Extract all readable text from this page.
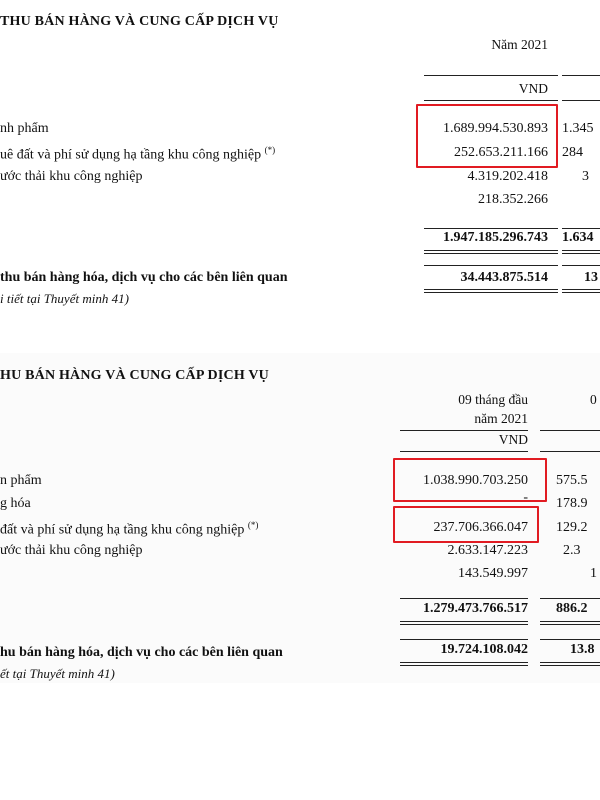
THU BÁN HÀNG VÀ CUNG CẤP DỊCH VỤ
Năm 2021
VND
nh phẩm	1.689.994.530.893 1.345
uê đất và phí sử dụng hạ tầng khu công nghiệp (*)	252.653.211.166 284
ước thải khu công nghiệp	4.319.202.418	3
218.352.266
1.947.185.296.743 1.634
thu bán hàng hóa, dịch vụ cho các bên liên quan	34.443.875.514	13
i tiết tại Thuyết minh 41)
HU BÁN HÀNG VÀ CUNG CẤP DỊCH VỤ
09 tháng đầu
năm 2021
0
VND
n phẩm	1.038.990.703.250 575.5
g hóa	- 178.9
đất và phí sử dụng hạ tầng khu công nghiệp (*)	237.706.366.047 129.2
ước thải khu công nghiệp	2.633.147.223	2.3
143.549.997	1
1.279.473.766.517 886.2
hu bán hàng hóa, dịch vụ cho các bên liên quan	19.724.108.042	13.8
ết tại Thuyết minh 41)
